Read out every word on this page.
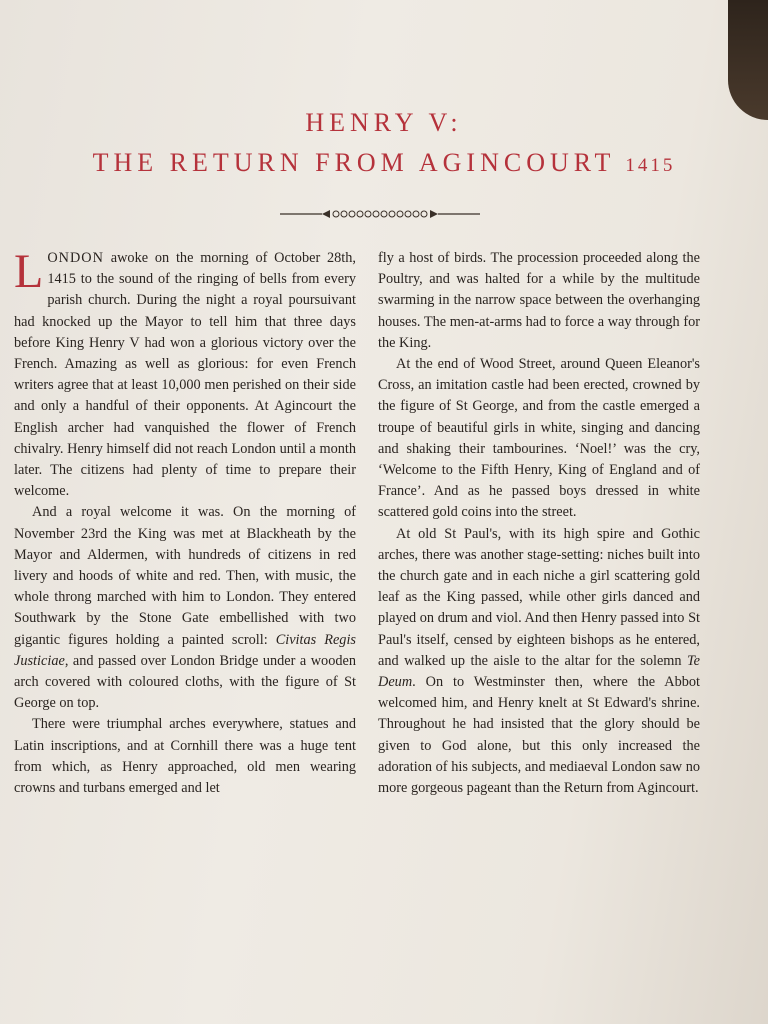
HENRY V:
THE RETURN FROM AGINCOURT 1415

LONDON awoke on the morning of October 28th, 1415 to the sound of the ringing of bells from every parish church. During the night a royal poursuivant had knocked up the Mayor to tell him that three days before King Henry V had won a glorious victory over the French. Amazing as well as glorious: for even French writers agree that at least 10,000 men perished on their side and only a handful of their opponents. At Agincourt the English archer had vanquished the flower of French chivalry. Henry himself did not reach London until a month later. The citizens had plenty of time to prepare their welcome.

And a royal welcome it was. On the morning of November 23rd the King was met at Blackheath by the Mayor and Aldermen, with hundreds of citizens in red livery and hoods of white and red. Then, with music, the whole throng marched with him to London. They entered Southwark by the Stone Gate embellished with two gigantic figures holding a painted scroll: Civitas Regis Justiciae, and passed over London Bridge under a wooden arch covered with coloured cloths, with the figure of St George on top.

There were triumphal arches everywhere, statues and Latin inscriptions, and at Cornhill there was a huge tent from which, as Henry approached, old men wearing crowns and turbans emerged and let

fly a host of birds. The procession proceeded along the Poultry, and was halted for a while by the multitude swarming in the narrow space between the overhanging houses. The men-at-arms had to force a way through for the King.

At the end of Wood Street, around Queen Eleanor's Cross, an imitation castle had been erected, crowned by the figure of St George, and from the castle emerged a troupe of beautiful girls in white, singing and dancing and shaking their tambourines. ‘Noel!’ was the cry, ‘Welcome to the Fifth Henry, King of England and of France’. And as he passed boys dressed in white scattered gold coins into the street.

At old St Paul's, with its high spire and Gothic arches, there was another stage-setting: niches built into the church gate and in each niche a girl scattering gold leaf as the King passed, while other girls danced and played on drum and viol. And then Henry passed into St Paul's itself, censed by eighteen bishops as he entered, and walked up the aisle to the altar for the solemn Te Deum. On to Westminster then, where the Abbot welcomed him, and Henry knelt at St Edward's shrine. Throughout he had insisted that the glory should be given to God alone, but this only increased the adoration of his subjects, and mediaeval London saw no more gorgeous pageant than the Return from Agincourt.
